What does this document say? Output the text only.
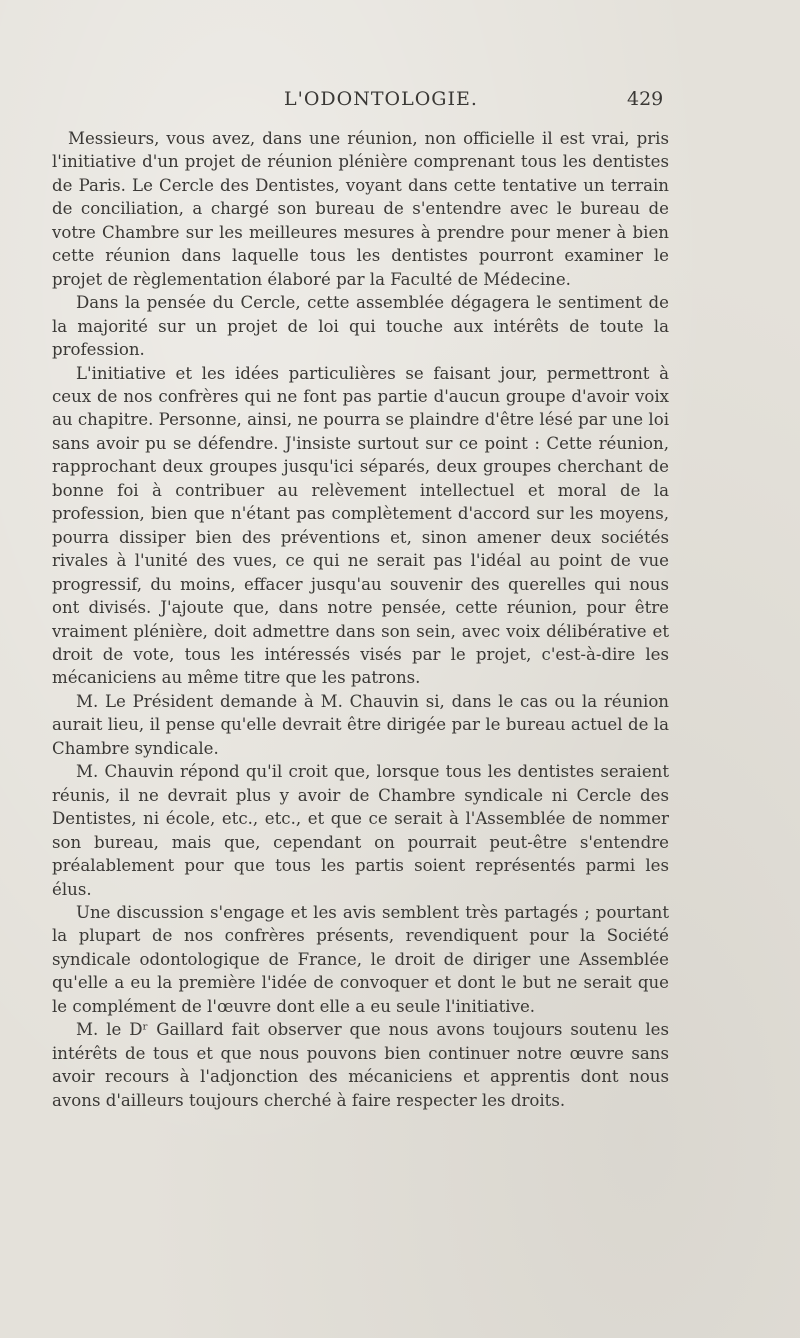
L'ODONTOLOGIE.	429

Messieurs, vous avez, dans une réunion, non officielle il est vrai, pris l'initiative d'un projet de réunion plénière comprenant tous les dentistes de Paris. Le Cercle des Dentistes, voyant dans cette tentative un terrain de conciliation, a chargé son bureau de s'entendre avec le bureau de votre Chambre sur les meilleures mesures à prendre pour mener à bien cette réunion dans laquelle tous les dentistes pourront examiner le projet de règlementation élaboré par la Faculté de Médecine.

Dans la pensée du Cercle, cette assemblée dégagera le sentiment de la majorité sur un projet de loi qui touche aux intérêts de toute la profession.

L'initiative et les idées particulières se faisant jour, permettront à ceux de nos confrères qui ne font pas partie d'aucun groupe d'avoir voix au chapitre. Personne, ainsi, ne pourra se plaindre d'être lésé par une loi sans avoir pu se défendre. J'insiste surtout sur ce point : Cette réunion, rapprochant deux groupes jusqu'ici séparés, deux groupes cherchant de bonne foi à contribuer au relèvement intellectuel et moral de la profession, bien que n'étant pas complètement d'accord sur les moyens, pourra dissiper bien des préventions et, sinon amener deux sociétés rivales à l'unité des vues, ce qui ne serait pas l'idéal au point de vue progressif, du moins, effacer jusqu'au souvenir des querelles qui nous ont divisés. J'ajoute que, dans notre pensée, cette réunion, pour être vraiment plénière, doit admettre dans son sein, avec voix délibérative et droit de vote, tous les intéressés visés par le projet, c'est-à-dire les mécaniciens au même titre que les patrons.

M. Le Président demande à M. Chauvin si, dans le cas ou la réunion aurait lieu, il pense qu'elle devrait être dirigée par le bureau actuel de la Chambre syndicale.

M. Chauvin répond qu'il croit que, lorsque tous les dentistes seraient réunis, il ne devrait plus y avoir de Chambre syndicale ni Cercle des Dentistes, ni école, etc., etc., et que ce serait à l'Assemblée de nommer son bureau, mais que, cependant on pourrait peut-être s'entendre préalablement pour que tous les partis soient représentés parmi les élus.

Une discussion s'engage et les avis semblent très partagés ; pourtant la plupart de nos confrères présents, revendiquent pour la Société syndicale odontologique de France, le droit de diriger une Assemblée qu'elle a eu la première l'idée de convoquer et dont le but ne serait que le complément de l'œuvre dont elle a eu seule l'initiative.

M. le Dʳ Gaillard fait observer que nous avons toujours soutenu les intérêts de tous et que nous pouvons bien continuer notre œuvre sans avoir recours à l'adjonction des mécaniciens et apprentis dont nous avons d'ailleurs toujours cherché à faire respecter les droits.
